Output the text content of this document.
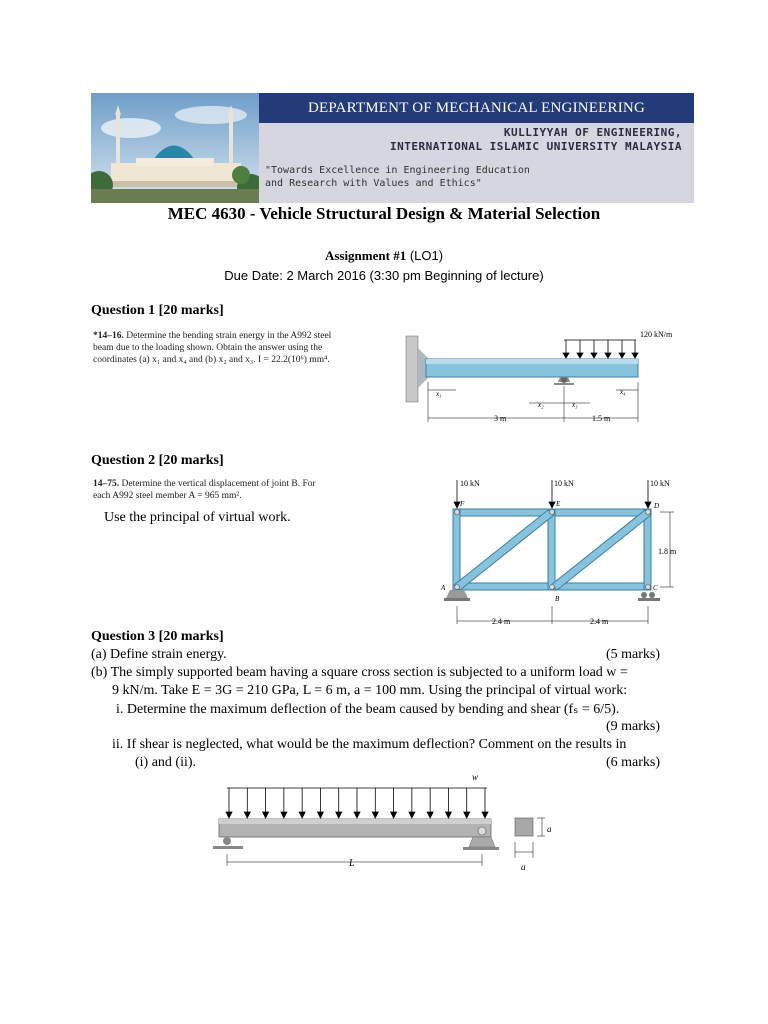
DEPARTMENT OF MECHANICAL ENGINEERING
KULLIYYAH OF ENGINEERING,
INTERNATIONAL ISLAMIC UNIVERSITY MALAYSIA
"Towards Excellence in Engineering Education
and Research with Values and Ethics"
MEC 4630 - Vehicle Structural Design & Material Selection
Assignment #1 (LO1)
Due Date: 2 March 2016 (3:30 pm Beginning of lecture)
Question 1 [20 marks]
*14–16. Determine the bending strain energy in the A992 steel
beam due to the loading shown. Obtain the answer using the
coordinates (a) x₁ and x₄ and (b) x₂ and x₃. I = 22.2(10⁶) mm⁴.
120 kN/m
x₁	x₄
x₂	x₃
3 m	1.5 m
Question 2 [20 marks]
14–75. Determine the vertical displacement of joint B. For
each A992 steel member A = 965 mm².
Use the principal of virtual work.
10 kN	10 kN	10 kN
F	E	D
A
B
C
1.8 m
2.4 m	2.4 m
Question 3 [20 marks]
(a) Define strain energy.	(5 marks)
(b) The simply supported beam having a square cross section is subjected to a uniform load w =
9 kN/m. Take E = 3G = 210 GPa, L = 6 m, a = 100 mm. Using the principal of virtual work:
i. Determine the maximum deflection of the beam caused by bending and shear (fₛ = 6/5).
(9 marks)
ii. If shear is neglected, what would be the maximum deflection? Comment on the results in
(i) and (ii).	(6 marks)
w
L
a
a
